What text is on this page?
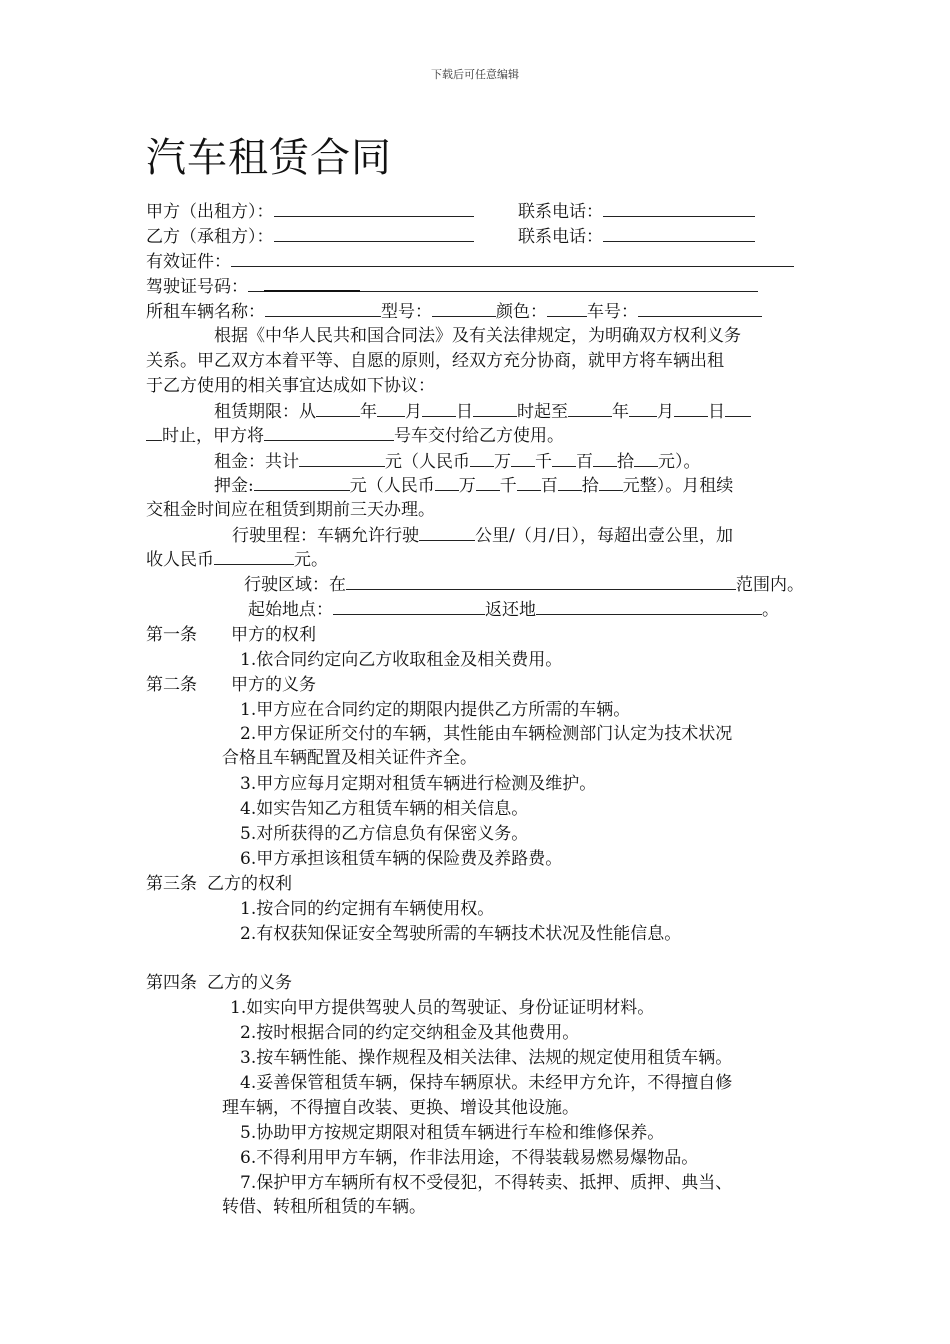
下载后可任意编辑
汽车租赁合同
甲方（出租方）：	联系电话：
乙方（承租方）：	联系电话：
有效证件：
驾驶证号码：
所租车辆名称：	型号：	颜色： 车号：
根据《中华人民共和国合同法》及有关法律规定，为明确双方权利义务
关系。甲乙双方本着平等、自愿的原则，经双方充分协商，就甲方将车辆出租
于乙方使用的相关事宜达成如下协议：
租赁期限：从	年 月 日	时起至	年 月 日
时止，甲方将	号车交付给乙方使用。
租金：共计	元（人民币 万 千 百 拾 元）。
押金:	元（人民币 万 千 百 拾 元整）。月租续
交租金时间应在租赁到期前三天办理。
行驶里程：车辆允许行驶	公里/（月/日），每超出壹公里，加
收人民币	元。
行驶区域：在	范围内。
起始地点：	返还地	。
第一条 甲方的权利
1.依合同约定向乙方收取租金及相关费用。
第二条 甲方的义务
1.甲方应在合同约定的期限内提供乙方所需的车辆。
2.甲方保证所交付的车辆，其性能由车辆检测部门认定为技术状况
合格且车辆配置及相关证件齐全。
3.甲方应每月定期对租赁车辆进行检测及维护。
4.如实告知乙方租赁车辆的相关信息。
5.对所获得的乙方信息负有保密义务。
6.甲方承担该租赁车辆的保险费及养路费。
第三条 乙方的权利
1.按合同的约定拥有车辆使用权。
2.有权获知保证安全驾驶所需的车辆技术状况及性能信息。
第四条 乙方的义务
1.如实向甲方提供驾驶人员的驾驶证、身份证证明材料。
2.按时根据合同的约定交纳租金及其他费用。
3.按车辆性能、操作规程及相关法律、法规的规定使用租赁车辆。
4.妥善保管租赁车辆，保持车辆原状。未经甲方允许，不得擅自修
理车辆，不得擅自改装、更换、增设其他设施。
5.协助甲方按规定期限对租赁车辆进行车检和维修保养。
6.不得利用甲方车辆，作非法用途，不得装载易燃易爆物品。
7.保护甲方车辆所有权不受侵犯，不得转卖、抵押、质押、典当、
转借、转租所租赁的车辆。
